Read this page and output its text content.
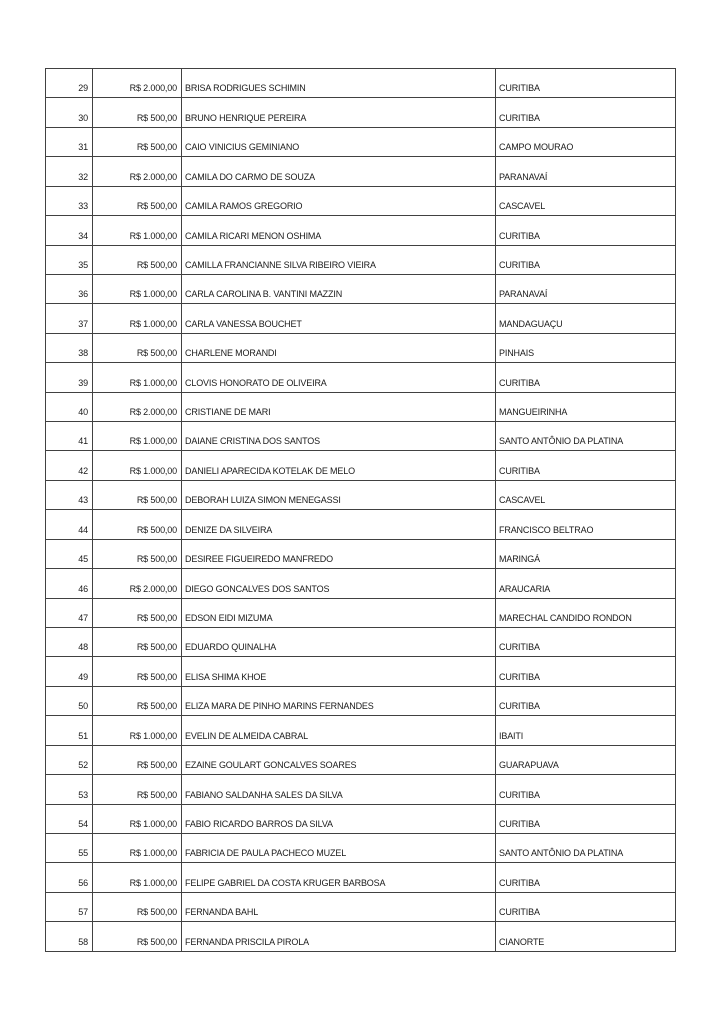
29	R$ 2.000,00	BRISA RODRIGUES SCHIMIN	CURITIBA
30	R$ 500,00	BRUNO HENRIQUE PEREIRA	CURITIBA
31	R$ 500,00	CAIO VINICIUS GEMINIANO	CAMPO MOURAO
32	R$ 2.000,00	CAMILA DO CARMO DE SOUZA	PARANAVAÍ
33	R$ 500,00	CAMILA RAMOS GREGORIO	CASCAVEL
34	R$ 1.000,00	CAMILA RICARI MENON OSHIMA	CURITIBA
35	R$ 500,00	CAMILLA FRANCIANNE SILVA RIBEIRO VIEIRA	CURITIBA
36	R$ 1.000,00	CARLA CAROLINA B. VANTINI MAZZIN	PARANAVAÍ
37	R$ 1.000,00	CARLA VANESSA BOUCHET	MANDAGUAÇU
38	R$ 500,00	CHARLENE MORANDI	PINHAIS
39	R$ 1.000,00	CLOVIS HONORATO DE OLIVEIRA	CURITIBA
40	R$ 2.000,00	CRISTIANE DE MARI	MANGUEIRINHA
41	R$ 1.000,00	DAIANE CRISTINA DOS SANTOS	SANTO ANTÔNIO DA PLATINA
42	R$ 1.000,00	DANIELI APARECIDA KOTELAK DE MELO	CURITIBA
43	R$ 500,00	DEBORAH LUIZA SIMON MENEGASSI	CASCAVEL
44	R$ 500,00	DENIZE DA SILVEIRA	FRANCISCO BELTRAO
45	R$ 500,00	DESIREE FIGUEIREDO MANFREDO	MARINGÁ
46	R$ 2.000,00	DIEGO GONCALVES DOS SANTOS	ARAUCARIA
47	R$ 500,00	EDSON EIDI MIZUMA	MARECHAL CANDIDO RONDON
48	R$ 500,00	EDUARDO QUINALHA	CURITIBA
49	R$ 500,00	ELISA SHIMA KHOE	CURITIBA
50	R$ 500,00	ELIZA MARA DE PINHO MARINS FERNANDES	CURITIBA
51	R$ 1.000,00	EVELIN DE ALMEIDA CABRAL	IBAITI
52	R$ 500,00	EZAINE GOULART GONCALVES SOARES	GUARAPUAVA
53	R$ 500,00	FABIANO SALDANHA SALES DA SILVA	CURITIBA
54	R$ 1.000,00	FABIO RICARDO BARROS DA SILVA	CURITIBA
55	R$ 1.000,00	FABRICIA DE PAULA PACHECO MUZEL	SANTO ANTÔNIO DA PLATINA
56	R$ 1.000,00	FELIPE GABRIEL DA COSTA KRUGER BARBOSA	CURITIBA
57	R$ 500,00	FERNANDA BAHL	CURITIBA
58	R$ 500,00	FERNANDA PRISCILA PIROLA	CIANORTE
